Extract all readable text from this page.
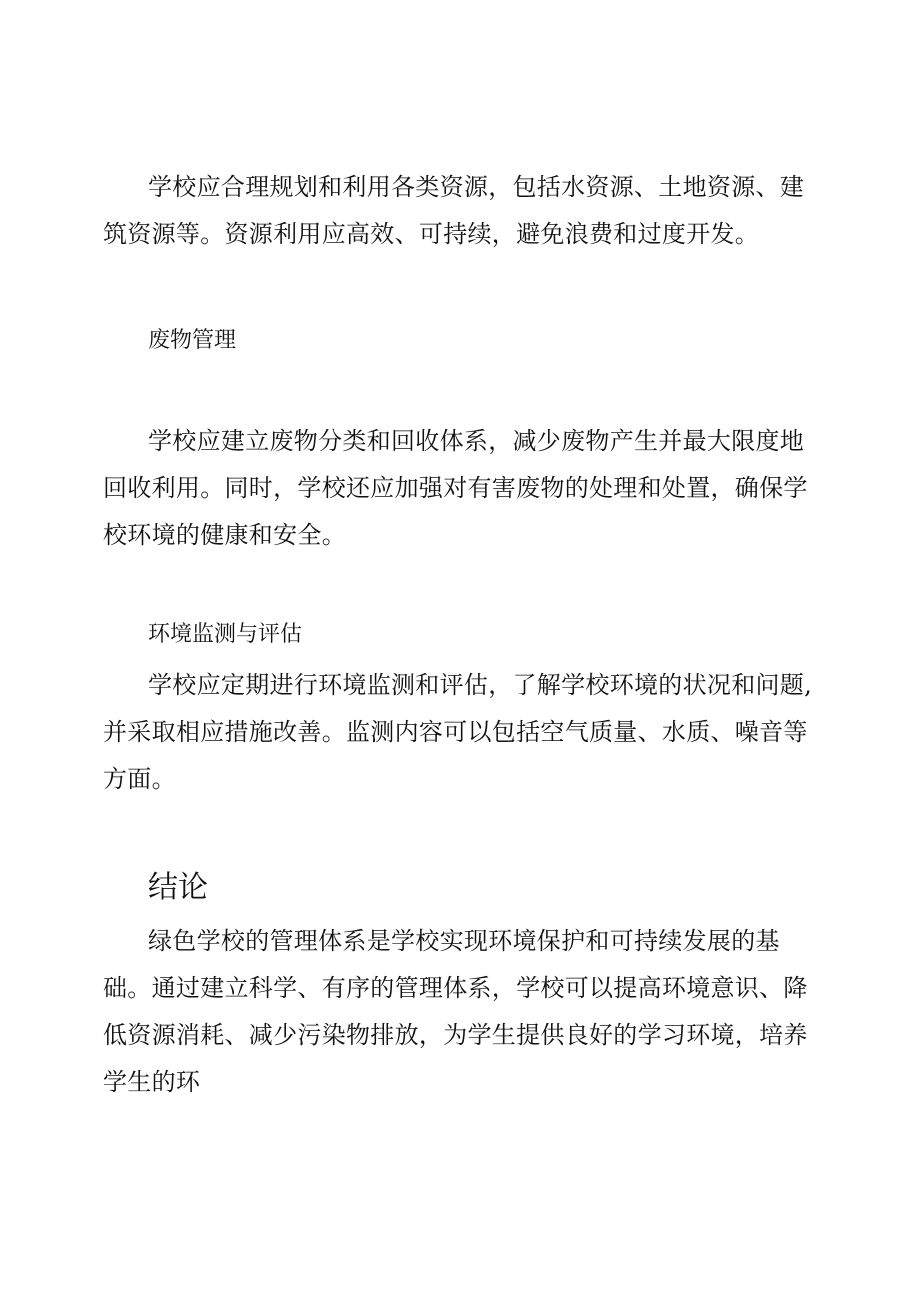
学校应合理规划和利用各类资源，包括水资源、土地资源、建筑资源等。资源利用应高效、可持续，避免浪费和过度开发。

废物管理

学校应建立废物分类和回收体系，减少废物产生并最大限度地回收利用。同时，学校还应加强对有害废物的处理和处置，确保学校环境的健康和安全。

环境监测与评估

学校应定期进行环境监测和评估，了解学校环境的状况和问题,并采取相应措施改善。监测内容可以包括空气质量、水质、噪音等方面。

结论

绿色学校的管理体系是学校实现环境保护和可持续发展的基础。通过建立科学、有序的管理体系，学校可以提高环境意识、降低资源消耗、减少污染物排放，为学生提供良好的学习环境，培养学生的环
